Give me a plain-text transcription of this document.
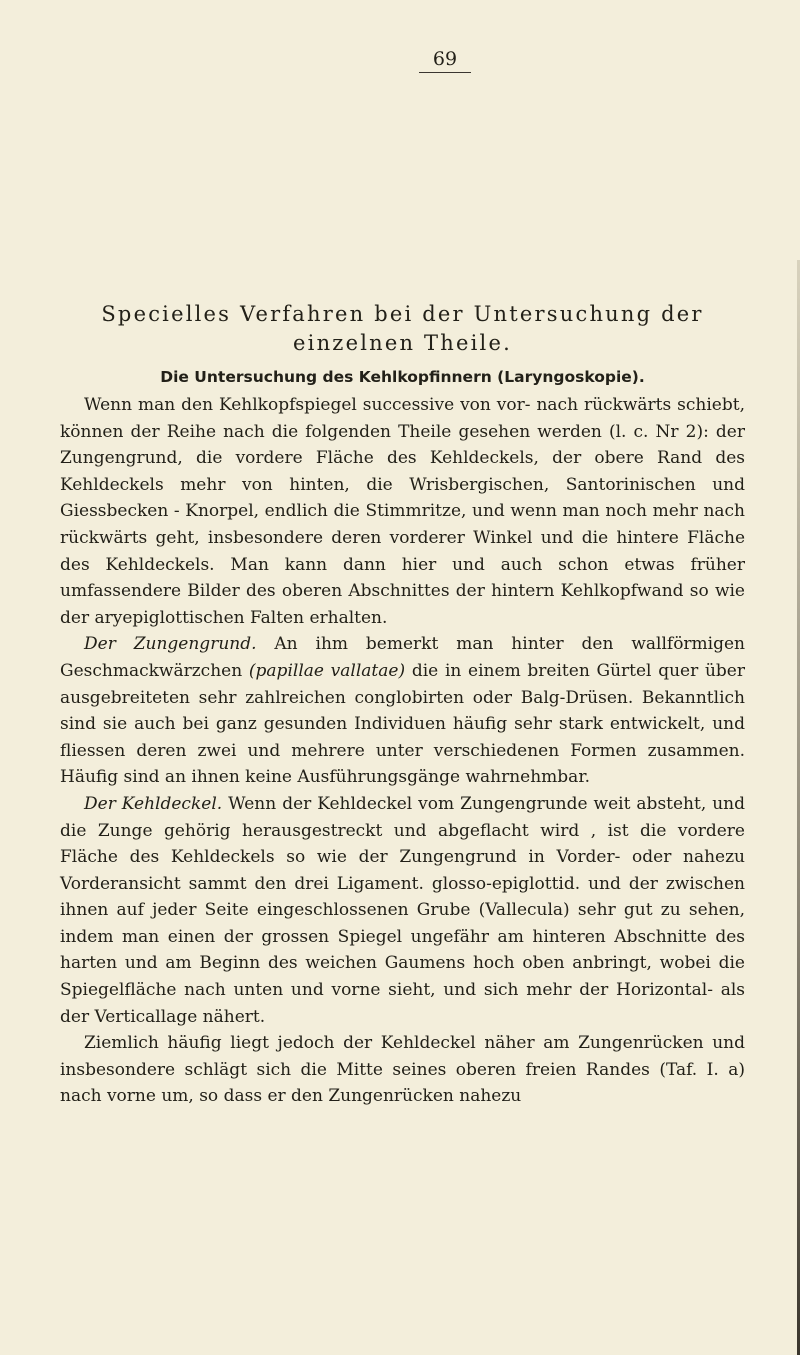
69
Specielles Verfahren bei der Untersuchung der
einzelnen Theile.
Die Untersuchung des Kehlkopfinnern (Laryngoskopie).

Wenn man den Kehlkopfspiegel successive von vor- nach rückwärts schiebt, können der Reihe nach die folgenden Theile gesehen werden (l. c. Nr 2): der Zungengrund, die vordere Fläche des Kehldeckels, der obere Rand des Kehldeckels mehr von hinten, die Wrisbergischen, Santorinischen und Giessbecken - Knorpel, endlich die Stimmritze, und wenn man noch mehr nach rückwärts geht, insbesondere deren vorderer Winkel und die hintere Fläche des Kehldeckels. Man kann dann hier und auch schon etwas früher umfassendere Bilder des oberen Abschnittes der hintern Kehlkopfwand so wie der aryepiglottischen Falten erhalten.

Der Zungengrund. An ihm bemerkt man hinter den wallförmigen Geschmackwärzchen (papillae vallatae) die in einem breiten Gürtel quer über ausgebreiteten sehr zahlreichen conglobirten oder Balg-Drüsen. Bekanntlich sind sie auch bei ganz gesunden Individuen häufig sehr stark entwickelt, und fliessen deren zwei und mehrere unter verschiedenen Formen zusammen. Häufig sind an ihnen keine Ausführungsgänge wahrnehmbar.

Der Kehldeckel. Wenn der Kehldeckel vom Zungengrunde weit absteht, und die Zunge gehörig herausgestreckt und abgeflacht wird , ist die vordere Fläche des Kehldeckels so wie der Zungengrund in Vorder- oder nahezu Vorderansicht sammt den drei Ligament. glosso-epiglottid. und der zwischen ihnen auf jeder Seite eingeschlossenen Grube (Vallecula) sehr gut zu sehen, indem man einen der grossen Spiegel ungefähr am hinteren Abschnitte des harten und am Beginn des weichen Gaumens hoch oben anbringt, wobei die Spiegelfläche nach unten und vorne sieht, und sich mehr der Horizontal- als der Verticallage nähert.

Ziemlich häufig liegt jedoch der Kehldeckel näher am Zungenrücken und insbesondere schlägt sich die Mitte seines oberen freien Randes (Taf. I. a) nach vorne um, so dass er den Zungenrücken nahezu
